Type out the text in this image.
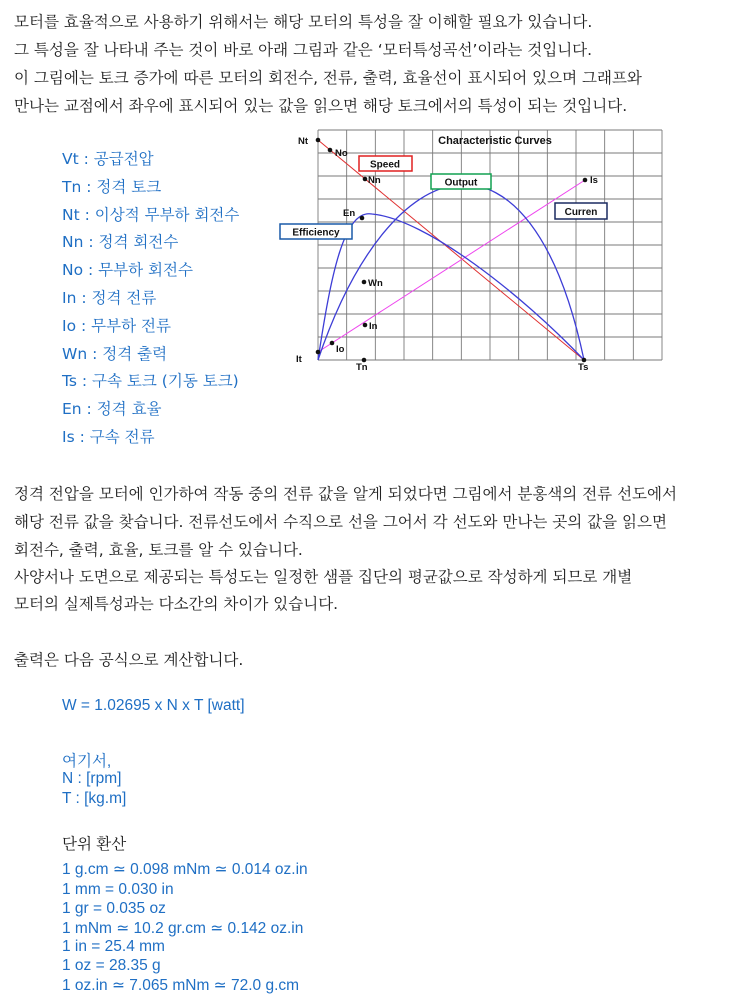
모터를 효율적으로 사용하기 위해서는 해당 모터의 특성을 잘 이해할 필요가 있습니다.
그 특성을 잘 나타내 주는 것이 바로 아래 그림과 같은 ‘모터특성곡선’이라는 것입니다.
이 그림에는 토크 증가에 따른 모터의 회전수, 전류, 출력, 효율선이 표시되어 있으며 그래프와
만나는 교점에서 좌우에 표시되어 있는 값을 읽으면 해당 토크에서의 특성이 되는 것입니다.
Vt : 공급전압
Tn : 정격 토크
Nt : 이상적 무부하 회전수
Nn : 정격 회전수
No : 무부하 회전수
In : 정격 전류
Io : 무부하 전류
Wn : 정격 출력
Ts : 구속 토크 (기동 토크)
En : 정격 효율
Is : 구속 전류
Characteristic Curves
Speed
Output
Curren
Efficiency
Nt
No
Nn
En
Wn
In
Io
It
Tn	Ts
Is
정격 전압을 모터에 인가하여 작동 중의 전류 값을 알게 되었다면 그림에서 분홍색의 전류 선도에서
해당 전류 값을 찾습니다. 전류선도에서 수직으로 선을 그어서 각 선도와 만나는 곳의 값을 읽으면
회전수, 출력, 효율, 토크를 알 수 있습니다.
사양서나 도면으로 제공되는 특성도는 일정한 샘플 집단의 평균값으로 작성하게 되므로 개별
모터의 실제특성과는 다소간의 차이가 있습니다.
출력은 다음 공식으로 계산합니다.
W = 1.02695 x N x T [watt]
여기서,
N : [rpm]
T : [kg.m]
단위 환산
1 g.cm ≃ 0.098 mNm ≃ 0.014 oz.in
1 mm = 0.030 in
1 gr = 0.035 oz
1 mNm ≃ 10.2 gr.cm ≃ 0.142 oz.in
1 in = 25.4 mm
1 oz = 28.35 g
1 oz.in ≃ 7.065 mNm ≃ 72.0 g.cm
